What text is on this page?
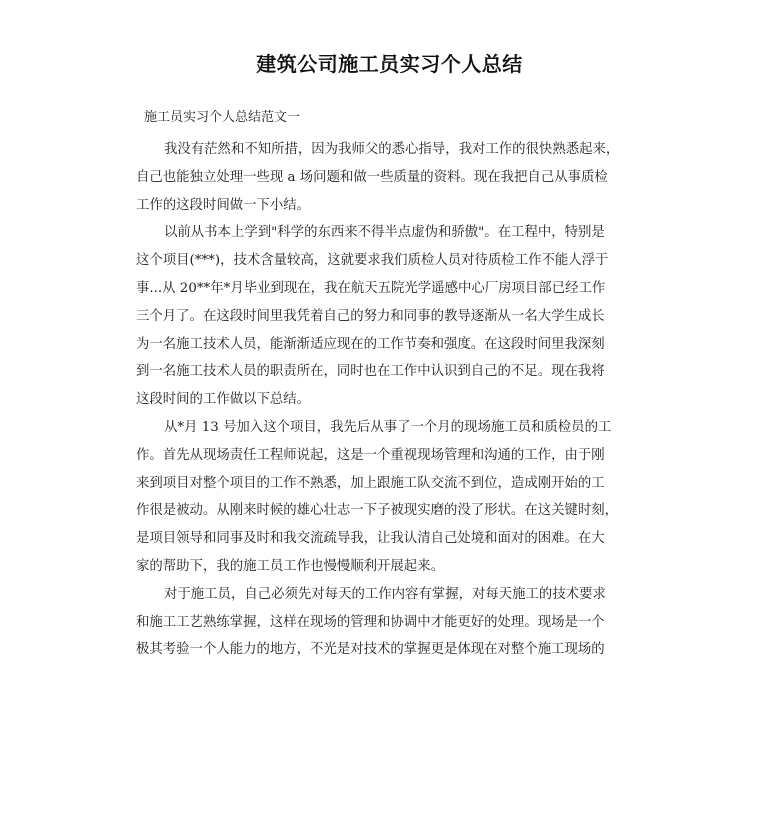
建筑公司施工员实习个人总结
施工员实习个人总结范文一
我没有茫然和不知所措，因为我师父的悉心指导，我对工作的很快熟悉起来，
自己也能独立处理一些现 a 场问题和做一些质量的资料。现在我把自己从事质检
工作的这段时间做一下小结。
以前从书本上学到"科学的东西来不得半点虚伪和骄傲"。在工程中，特别是
这个项目(***)，技术含量较高，这就要求我们质检人员对待质检工作不能人浮于
事...从 20**年*月毕业到现在，我在航天五院光学遥感中心厂房项目部已经工作
三个月了。在这段时间里我凭着自己的努力和同事的教导逐渐从一名大学生成长
为一名施工技术人员，能渐渐适应现在的工作节奏和强度。在这段时间里我深刻
到一名施工技术人员的职责所在，同时也在工作中认识到自己的不足。现在我将
这段时间的工作做以下总结。
从*月 13 号加入这个项目，我先后从事了一个月的现场施工员和质检员的工
作。首先从现场责任工程师说起，这是一个重视现场管理和沟通的工作，由于刚
来到项目对整个项目的工作不熟悉，加上跟施工队交流不到位，造成刚开始的工
作很是被动。从刚来时候的雄心壮志一下子被现实磨的没了形状。在这关键时刻，
是项目领导和同事及时和我交流疏导我，让我认清自己处境和面对的困难。在大
家的帮助下，我的施工员工作也慢慢顺利开展起来。
对于施工员，自己必须先对每天的工作内容有掌握，对每天施工的技术要求
和施工工艺熟练掌握，这样在现场的管理和协调中才能更好的处理。现场是一个
极其考验一个人能力的地方，不光是对技术的掌握更是体现在对整个施工现场的
